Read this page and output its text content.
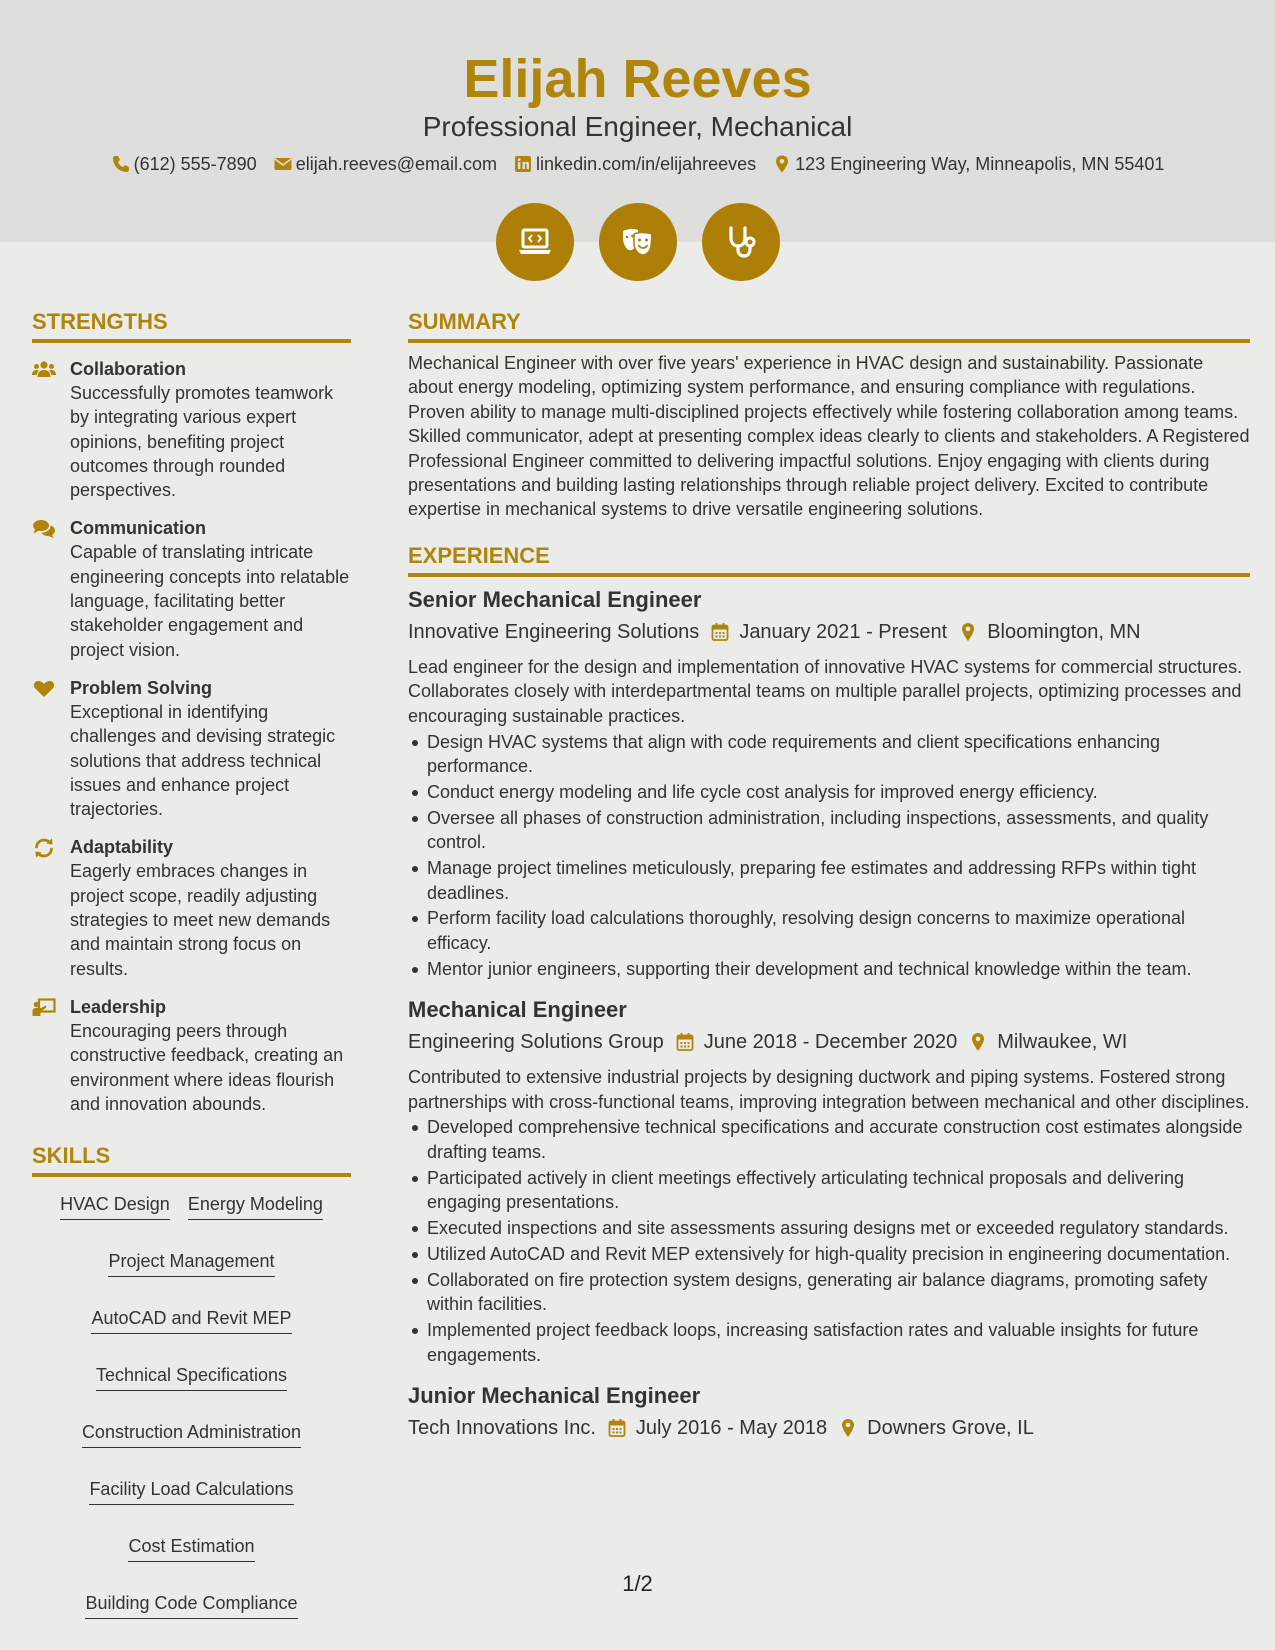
Elijah Reeves
Professional Engineer, Mechanical
(612) 555-7890 elijah.reeves@email.com linkedin.com/in/elijahreeves 123 Engineering Way, Minneapolis, MN 55401
STRENGTHS
Collaboration
Successfully promotes teamwork by integrating various expert opinions, benefiting project outcomes through rounded perspectives.
Communication
Capable of translating intricate engineering concepts into relatable language, facilitating better stakeholder engagement and project vision.
Problem Solving
Exceptional in identifying challenges and devising strategic solutions that address technical issues and enhance project trajectories.
Adaptability
Eagerly embraces changes in project scope, readily adjusting strategies to meet new demands and maintain strong focus on results.
Leadership
Encouraging peers through constructive feedback, creating an environment where ideas flourish and innovation abounds.
SKILLS
HVAC Design Energy Modeling
Project Management
AutoCAD and Revit MEP
Technical Specifications
Construction Administration
Facility Load Calculations
Cost Estimation
Building Code Compliance
SUMMARY
Mechanical Engineer with over five years' experience in HVAC design and sustainability. Passionate about energy modeling, optimizing system performance, and ensuring compliance with regulations. Proven ability to manage multi-disciplined projects effectively while fostering collaboration among teams. Skilled communicator, adept at presenting complex ideas clearly to clients and stakeholders. A Registered Professional Engineer committed to delivering impactful solutions. Enjoy engaging with clients during presentations and building lasting relationships through reliable project delivery. Excited to contribute expertise in mechanical systems to drive versatile engineering solutions.
EXPERIENCE
Senior Mechanical Engineer
Innovative Engineering Solutions January 2021 - Present Bloomington, MN
Lead engineer for the design and implementation of innovative HVAC systems for commercial structures. Collaborates closely with interdepartmental teams on multiple parallel projects, optimizing processes and encouraging sustainable practices.
Design HVAC systems that align with code requirements and client specifications enhancing performance.
Conduct energy modeling and life cycle cost analysis for improved energy efficiency.
Oversee all phases of construction administration, including inspections, assessments, and quality control.
Manage project timelines meticulously, preparing fee estimates and addressing RFPs within tight deadlines.
Perform facility load calculations thoroughly, resolving design concerns to maximize operational efficacy.
Mentor junior engineers, supporting their development and technical knowledge within the team.
Mechanical Engineer
Engineering Solutions Group June 2018 - December 2020 Milwaukee, WI
Contributed to extensive industrial projects by designing ductwork and piping systems. Fostered strong partnerships with cross-functional teams, improving integration between mechanical and other disciplines.
Developed comprehensive technical specifications and accurate construction cost estimates alongside drafting teams.
Participated actively in client meetings effectively articulating technical proposals and delivering engaging presentations.
Executed inspections and site assessments assuring designs met or exceeded regulatory standards.
Utilized AutoCAD and Revit MEP extensively for high-quality precision in engineering documentation.
Collaborated on fire protection system designs, generating air balance diagrams, promoting safety within facilities.
Implemented project feedback loops, increasing satisfaction rates and valuable insights for future engagements.
Junior Mechanical Engineer
Tech Innovations Inc. July 2016 - May 2018 Downers Grove, IL
1/2
